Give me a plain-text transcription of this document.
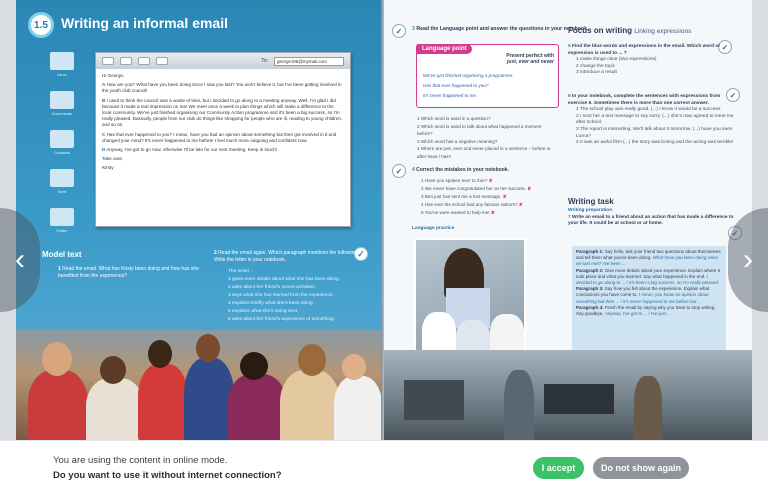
1.5 Writing an informal email
Inbox
Documents
Contacts
Sent
Folder
To:	george.l86@mymail.com

Hi George,

A How are you? What have you been doing since I saw you last? You won't believe it, but I've been getting involved in the youth club council!

B I used to think the council was a waste of time, but I decided to go along to a meeting anyway. Well, I'm glad I did because it made a real impression on me! We meet once a week to plan things which will make a difference to the local community. We've just finished organising our Community Action programme and it's been a big success, so I'm really pleased. Basically, people from our club do things like shopping for people who are ill, reading to young children, and so on.

C Has that ever happened to you? I mean, have you had an opinion about something but then got involved in it and changed your mind? It's never happened to me before! I feel much more outgoing and confident now.

D Anyway, I've got to go now, otherwise I'll be late for our next meeting. Keep in touch!

Take care,

Kirsty

Model text
1 Read the email. What has Kirsty been doing and how has she benefited from the experience?
✓
2 Read the email again. Which paragraph mentions the following? Write the letter in your notebook.
The writer ...
1 gives more details about what she has been doing.
2 asks about her friend's recent activities.
3 says what she has learned from the experience.
4 explains briefly what she's been doing.
5 explains what she's doing next.
6 asks about her friend's experience of something.
✓	3 Read the Language point and answer the questions in your notebook.
Language point
Present perfect with
just, ever and never
We've just finished organising a programme.
Has that ever happened to you?
It's never happened to me.
1 Which word is used in a question?
2 Which word is used to talk about what happened a moment before?
3 Which word has a negative meaning?
4 Where are just, ever and never placed in a sentence – before or after have / has?
✓	4 Correct the mistakes in your notebook.
1 Have you spoken ever to Zoe? ✘
2 We never have congratulated her on her success. ✘
3 Ben just has sent me a text message. ✘
4 Has ever the school had any famous visitors? ✘
5 You've were wanted to help me! ✘
Language practice
Focus on writing Linking expressions
✓
5 Find the blue words and expressions in the email. Which word or expression is used to ... ?
1 make things clear (two expressions)
2 change the topic
3 introduce a result
✓
6 In your notebook, complete the sentences with expressions from exercise 5. Sometimes there is more than one correct answer.
1 The school play was really good. (...) I know it would be a success.
2 I sent her a text message to say sorry. (...) she's now agreed to meet me after school.
3 The report is interesting. We'll talk about it tomorrow. (...) have you seen Lorna?
4 It was an awful film! (...) the story was boring and the acting was terrible!
Writing task
Writing preparation
7 Write an email to a friend about an action that has made a difference to your life. It could be at school or at home.
✓
Paragraph 1: Say hello, ask your friend two questions about themselves and tell them what you've been doing. What have you been doing since we last met? I've been ...
Paragraph 2: Give more details about your experience. Explain where it took place and what you learned. Say what happened in the end. I decided to go along to ... / It's been a big success, so I'm really pleased.
Paragraph 3: Say how you felt about the experience. Explain what conclusions you have come to. I mean, you know an opinion about something but then ... / It's never happened to me before but ...
Paragraph 4: Finish the email by saying why you have to stop writing. Say goodbye. Anyway, I've got to ... / I've just ...
‹	›
You are using the content in online mode.
Do you want to use it without internet connection?
I accept	Do not show again
